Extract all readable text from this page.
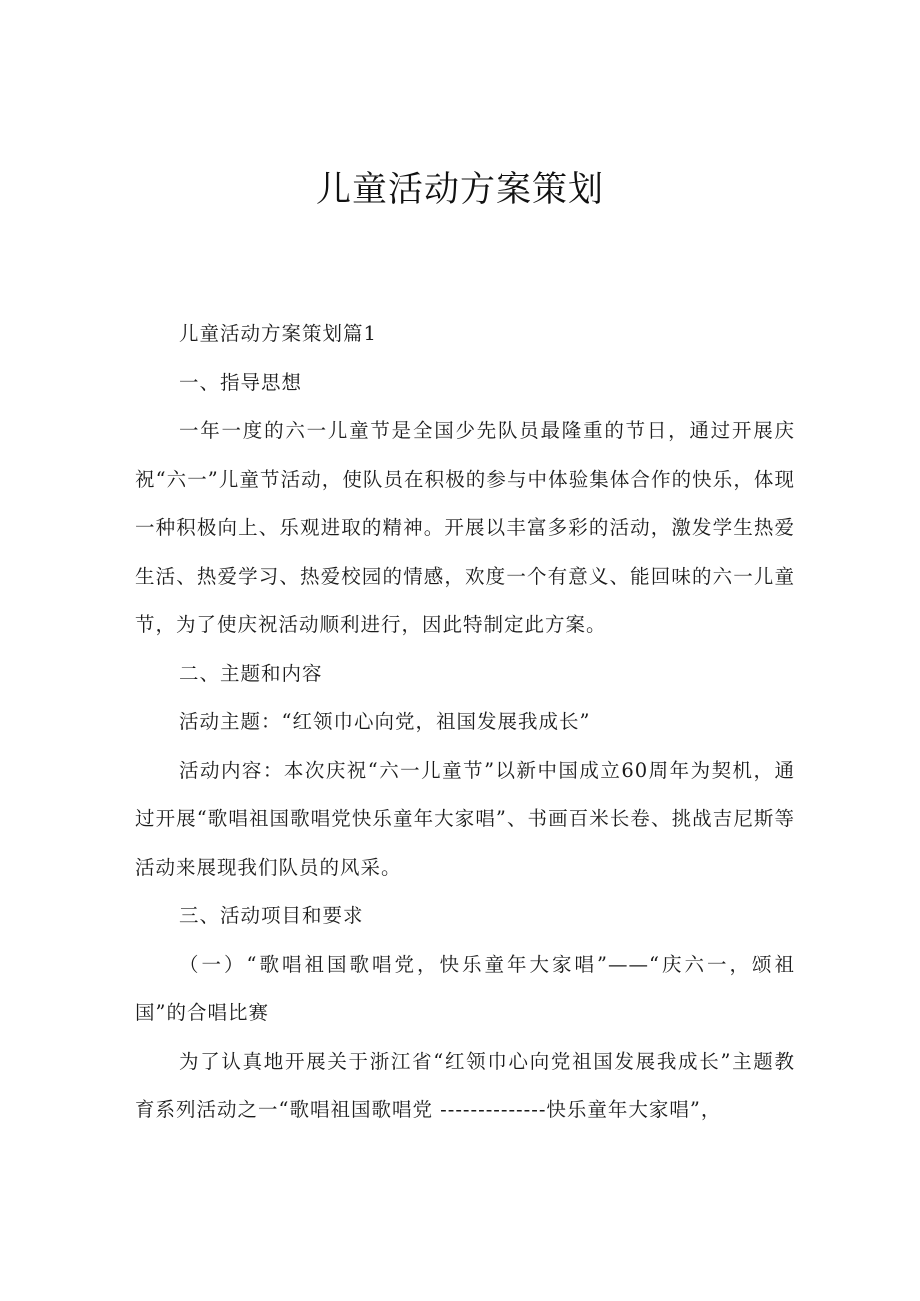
儿童活动方案策划

儿童活动方案策划篇1

一、指导思想

一年一度的六一儿童节是全国少先队员最隆重的节日，通过开展庆祝“六一”儿童节活动，使队员在积极的参与中体验集体合作的快乐，体现一种积极向上、乐观进取的精神。开展以丰富多彩的活动，激发学生热爱生活、热爱学习、热爱校园的情感，欢度一个有意义、能回味的六一儿童节，为了使庆祝活动顺利进行，因此特制定此方案。

二、主题和内容

活动主题：“红领巾心向党，祖国发展我成长”

活动内容：本次庆祝“六一儿童节”以新中国成立60周年为契机，通过开展“歌唱祖国歌唱党快乐童年大家唱”、书画百米长卷、挑战吉尼斯等活动来展现我们队员的风采。

三、活动项目和要求

（一）“歌唱祖国歌唱党，快乐童年大家唱”——“庆六一，颂祖国”的合唱比赛

为了认真地开展关于浙江省“红领巾心向党祖国发展我成长”主题教育系列活动之一“歌唱祖国歌唱党 --------------快乐童年大家唱”，
